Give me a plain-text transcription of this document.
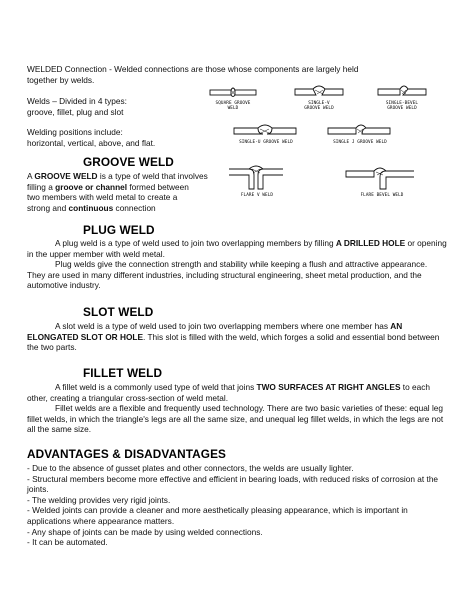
WELDED Connection - Welded connections are those whose components are largely held
together by welds.

Welds – Divided in 4 types:
groove, fillet, plug and slot

Welding positions include:
horizontal, vertical, above, and flat.

SQUARE GROOVE
WELD
SINGLE-V
GROOVE WELD
SINGLE-BEVEL
GROOVE WELD
SINGLE-U GROOVE WELD	SINGLE J GROOVE WELD
FLARE V WELD	FLARE BEVEL WELD
GROOVE WELD

A GROOVE WELD is a type of weld that involves
filling a groove or channel formed between
two members with weld metal to create a
strong and continuous connection

PLUG WELD

A plug weld is a type of weld used to join two overlapping members by filling A DRILLED HOLE or opening in the upper member with weld metal.

Plug welds give the connection strength and stability while keeping a flush and attractive appearance. They are used in many different industries, including structural engineering, sheet metal production, and the automotive industry.

SLOT WELD

A slot weld is a type of weld used to join two overlapping members where one member has AN ELONGATED SLOT OR HOLE. This slot is filled with the weld, which forges a solid and essential bond between the two parts.

FILLET WELD

A fillet weld is a commonly used type of weld that joins TWO SURFACES AT RIGHT ANGLES to each other, creating a triangular cross-section of weld metal.

Fillet welds are a flexible and frequently used technology. There are two basic varieties of these: equal leg fillet welds, in which the triangle's legs are all the same size, and unequal leg fillet welds, in which the legs are not all the same size.

ADVANTAGES & DISADVANTAGES
- Due to the absence of gusset plates and other connectors, the welds are usually lighter.
- Structural members become more effective and efficient in bearing loads, with reduced risks of corrosion at the joints.
- The welding provides very rigid joints.
- Welded joints can provide a cleaner and more aesthetically pleasing appearance, which is important in applications where appearance matters.
- Any shape of joints can be made by using welded connections.
- It can be automated.
